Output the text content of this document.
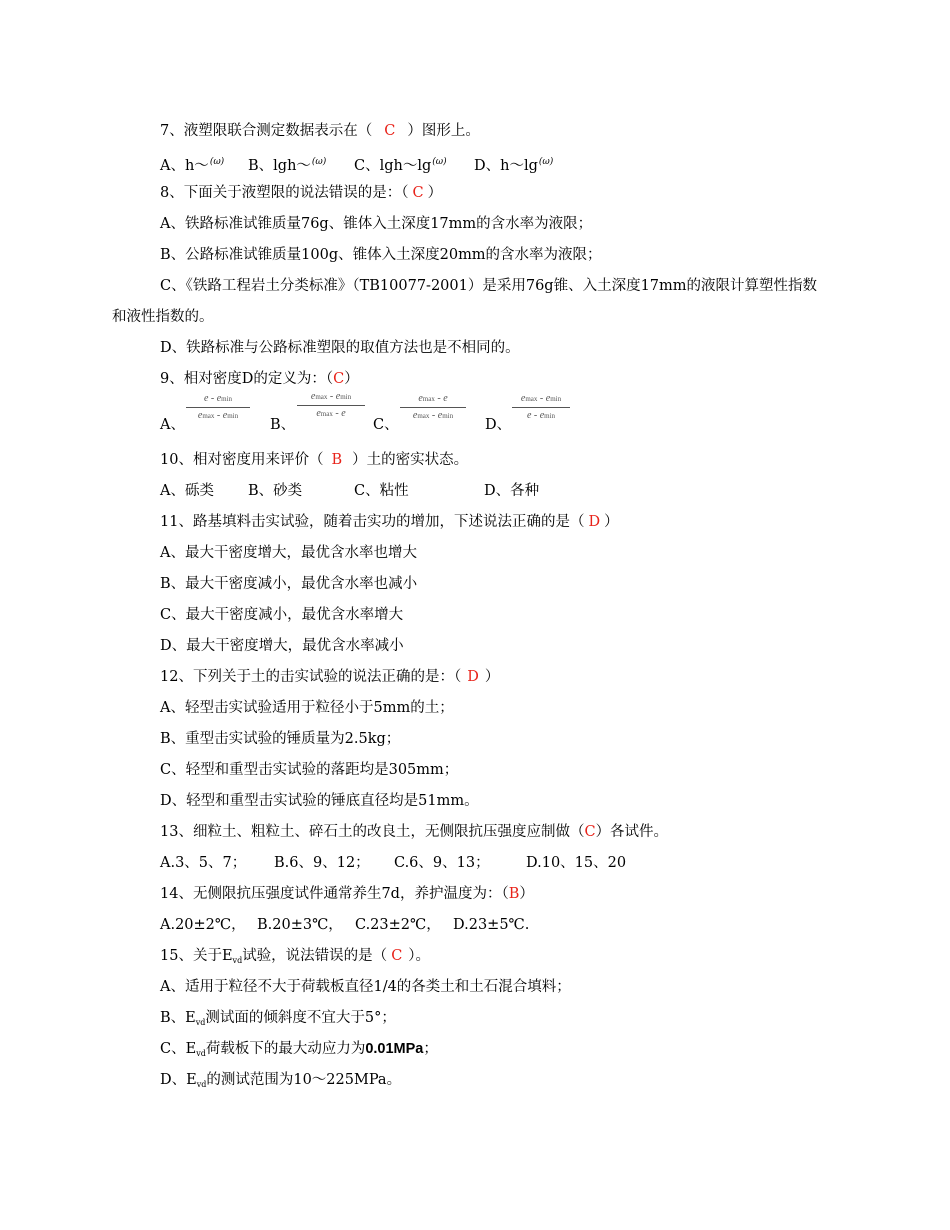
7、液塑限联合测定数据表示在（ C ）图形上。
A、h～$^{(\omega)}$ B、lgh～$^{(\omega)}$ C、$\lg h\sim\lg^{(\omega)}$ D、$h\sim\lg^{(\omega)}$
8、下面关于液塑限的说法错误的是：（ C ）
A、铁路标准试锥质量76g、锥体入土深度17mm的含水率为液限；
B、公路标准试锥质量100g、锥体入土深度20mm的含水率为液限；
C、《铁路工程岩土分类标准》（TB10077-2001）是采用76g锥、入土深度17mm的液限计算塑性指数
和液性指数的。
D、铁路标准与公路标准塑限的取值方法也是不相同的。
9、相对密度D的定义为：（C）
A、
e - emin
emax - emin
B、
emax - emin
emax - e
C、
emax - e
emax - emin
D、
emax - emin
e - emin
10、相对密度用来评价（ B ）土的密实状态。
A、砾类 B、砂类	C、粘性	D、各种
11、路基填料击实试验，随着击实功的增加，下述说法正确的是（ D ）
A、最大干密度增大，最优含水率也增大
B、最大干密度减小，最优含水率也减小
C、最大干密度减小，最优含水率增大
D、最大干密度增大，最优含水率减小
12、下列关于土的击实试验的说法正确的是：（ D ）
A、轻型击实试验适用于粒径小于5mm的土；
B、重型击实试验的锤质量为2.5kg；
C、轻型和重型击实试验的落距均是305mm；
D、轻型和重型击实试验的锤底直径均是51mm。
13、细粒土、粗粒土、碎石土的改良土，无侧限抗压强度应制做（C）各试件。
A.3、5、7； B.6、9、12； C.6、9、13；	D.10、15、20
14、无侧限抗压强度试件通常养生7d，养护温度为：（B）
A.20±2℃， B.20±3℃， C.23±2℃， D.23±5℃.
15、关于$E_{vd}$试验，说法错误的是（ C ）。
A、适用于粒径不大于荷载板直径1/4的各类土和土石混合填料；
B、$E_{vd}$测试面的倾斜度不宜大于5°；
C、$E_{vd}$荷载板下的最大动应力为0.01MPa；
D、$E_{vd}$的测试范围为10～225MPa。
